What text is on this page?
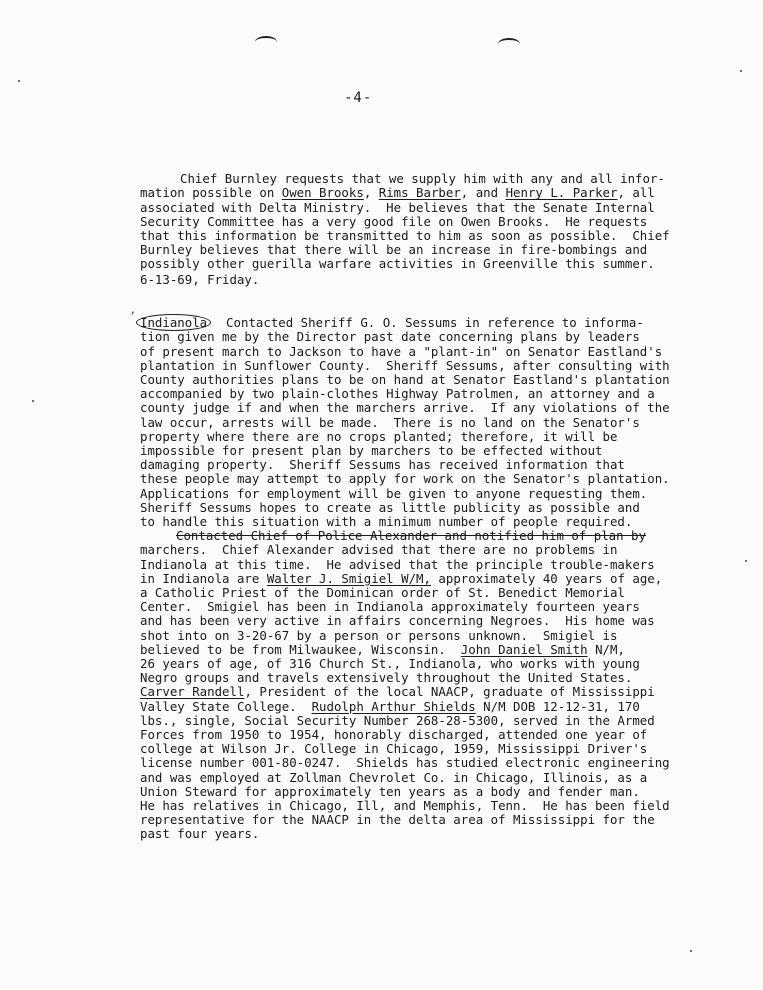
-4-

Chief Burnley requests that we supply him with any and all infor-
mation possible on Owen Brooks, Rims Barber, and Henry L. Parker, all
associated with Delta Ministry.  He believes that the Senate Internal
Security Committee has a very good file on Owen Brooks.  He requests
that this information be transmitted to him as soon as possible.  Chief
Burnley believes that there will be an increase in fire-bombings and
possibly other guerilla warfare activities in Greenville this summer.

6-13-69, Friday.
,

Indianola  Contacted Sheriff G. O. Sessums in reference to informa-
tion given me by the Director past date concerning plans by leaders
of present march to Jackson to have a "plant-in" on Senator Eastland's
plantation in Sunflower County.  Sheriff Sessums, after consulting with
County authorities plans to be on hand at Senator Eastland's plantation
accompanied by two plain-clothes Highway Patrolmen, an attorney and a
county judge if and when the marchers arrive.  If any violations of the
law occur, arrests will be made.  There is no land on the Senator's
property where there are no crops planted; therefore, it will be
impossible for present plan by marchers to be effected without
damaging property.  Sheriff Sessums has received information that
these people may attempt to apply for work on the Senator's plantation.
Applications for employment will be given to anyone requesting them.
Sheriff Sessums hopes to create as little publicity as possible and
to handle this situation with a minimum number of people required.

Contacted Chief of Police Alexander and notified him of plan by
marchers.  Chief Alexander advised that there are no problems in
Indianola at this time.  He advised that the principle trouble-makers
in Indianola are Walter J. Smigiel W/M, approximately 40 years of age,
a Catholic Priest of the Dominican order of St. Benedict Memorial
Center.  Smigiel has been in Indianola approximately fourteen years
and has been very active in affairs concerning Negroes.  His home was
shot into on 3-20-67 by a person or persons unknown.  Smigiel is
believed to be from Milwaukee, Wisconsin.  John Daniel Smith N/M,
26 years of age, of 316 Church St., Indianola, who works with young
Negro groups and travels extensively throughout the United States.
Carver Randell, President of the local NAACP, graduate of Mississippi
Valley State College.  Rudolph Arthur Shields N/M DOB 12-12-31, 170
lbs., single, Social Security Number 268-28-5300, served in the Armed
Forces from 1950 to 1954, honorably discharged, attended one year of
college at Wilson Jr. College in Chicago, 1959, Mississippi Driver's
license number 001-80-0247.  Shields has studied electronic engineering
and was employed at Zollman Chevrolet Co. in Chicago, Illinois, as a
Union Steward for approximately ten years as a body and fender man.
He has relatives in Chicago, Ill, and Memphis, Tenn.  He has been field
representative for the NAACP in the delta area of Mississippi for the
past four years.
